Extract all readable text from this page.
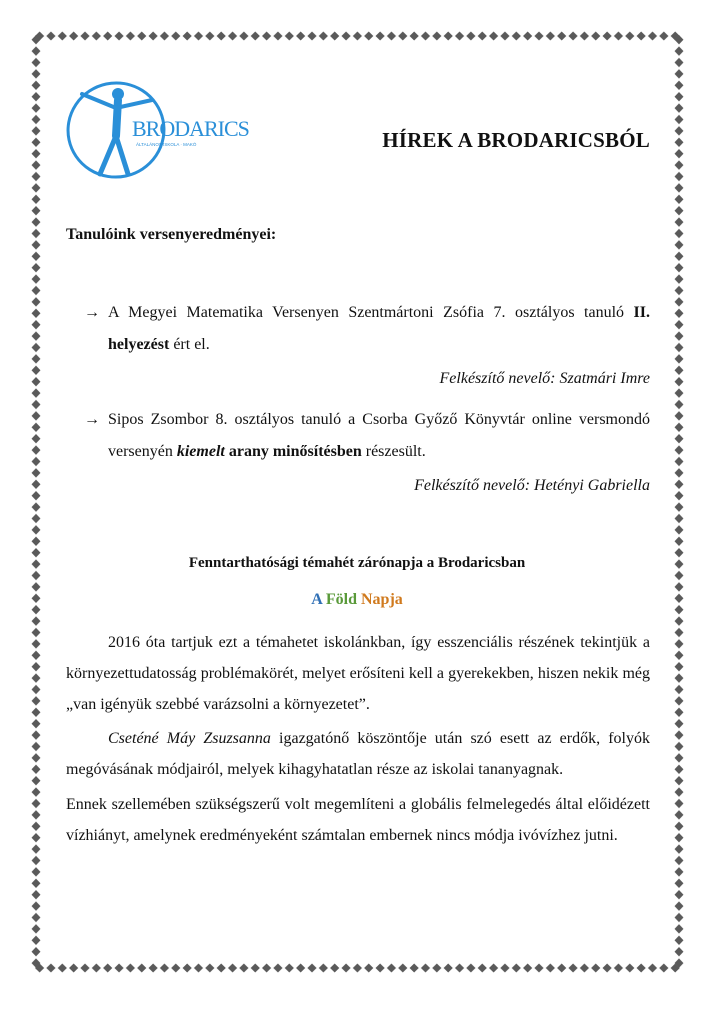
BRODARICS
ÁLTALÁNOS ISKOLA · MAKÓ	HÍREK A BRODARICSBÓL
Tanulóink versenyeredményei:
→ A Megyei Matematika Versenyen Szentmártoni Zsófia 7. osztályos tanuló II. helyezést ért el.
Felkészítő nevelő: Szatmári Imre
→ Sipos Zsombor 8. osztályos tanuló a Csorba Győző Könyvtár online versmondó versenyén kiemelt arany minősítésben részesült.
Felkészítő nevelő: Hetényi Gabriella
Fenntarthatósági témahét zárónapja a Brodaricsban
A Föld Napja
2016 óta tartjuk ezt a témahetet iskolánkban, így esszenciális részének tekintjük a környezettudatosság problémakörét, melyet erősíteni kell a gyerekekben, hiszen nekik még „van igényük szebbé varázsolni a környezetet”.
Cseténé Máy Zsuzsanna igazgatónő köszöntője után szó esett az erdők, folyók megóvásának módjairól, melyek kihagyhatatlan része az iskolai tananyagnak.
Ennek szellemében szükségszerű volt megemlíteni a globális felmelegedés által előidézett vízhiányt, amelynek eredményeként számtalan embernek nincs módja ivóvízhez jutni.
